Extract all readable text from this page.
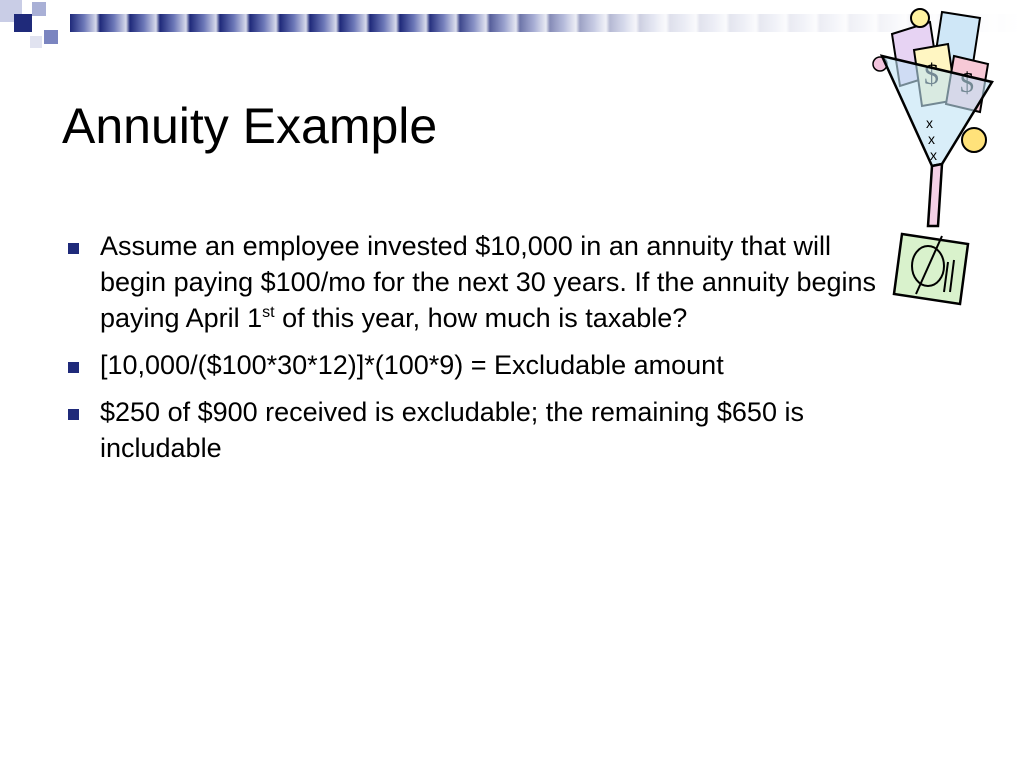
Annuity Example
Assume an employee invested $10,000 in an annuity that will begin paying $100/mo for the next 30 years. If the annuity begins paying April 1st of this year, how much is taxable?
[10,000/($100*30*12)]*(100*9) = Excludable amount
$250 of $900 received is excludable; the remaining $650 is includable
x
x
x
